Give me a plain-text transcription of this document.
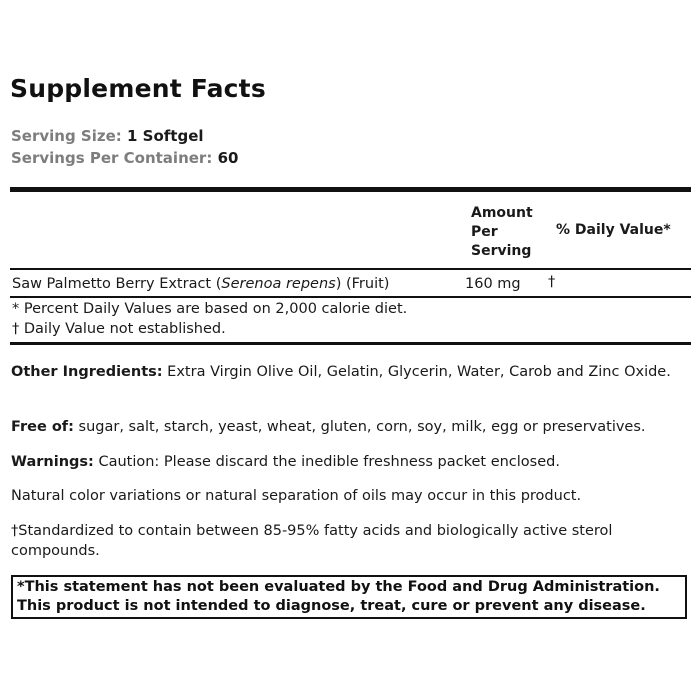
Supplement Facts
Serving Size: 1 Softgel
Servings Per Container: 60
Amount
Per
Serving
% Daily Value*
Saw Palmetto Berry Extract (Serenoa repens) (Fruit)	160 mg †
* Percent Daily Values are based on 2,000 calorie diet.
† Daily Value not established.
Other Ingredients: Extra Virgin Olive Oil, Gelatin, Glycerin, Water, Carob and Zinc Oxide.
Free of: sugar, salt, starch, yeast, wheat, gluten, corn, soy, milk, egg or preservatives.
Warnings: Caution: Please discard the inedible freshness packet enclosed.
Natural color variations or natural separation of oils may occur in this product.
†Standardized to contain between 85-95% fatty acids and biologically active sterol compounds.
*This statement has not been evaluated by the Food and Drug Administration.
This product is not intended to diagnose, treat, cure or prevent any disease.
